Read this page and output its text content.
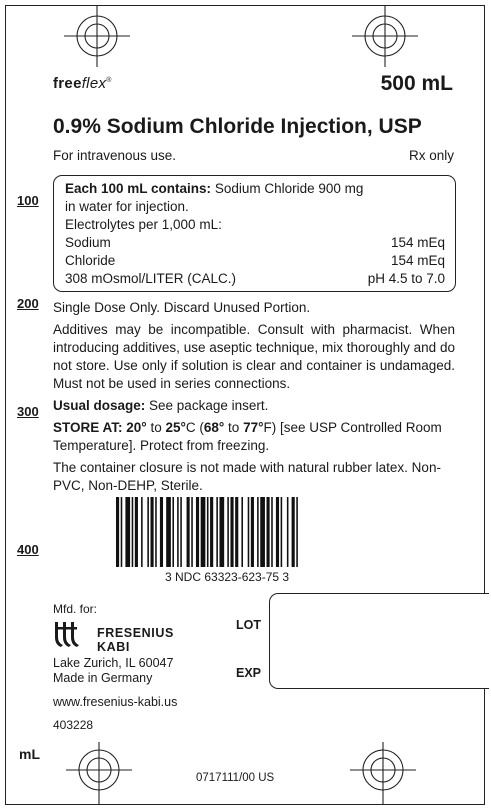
freeflex®	500 mL
0.9% Sodium Chloride Injection, USP
For intravenous use.	Rx only
100
200
300
400
mL
Each 100 mL contains: Sodium Chloride 900 mg
in water for injection.
Electrolytes per 1,000 mL:
Sodium	154 mEq
Chloride	154 mEq
308 mOsmol/LITER (CALC.)	pH 4.5 to 7.0
Single Dose Only. Discard Unused Portion.
Additives may be incompatible. Consult with pharmacist. When introducing additives, use aseptic technique, mix thoroughly and do not store. Use only if solution is clear and container is undamaged. Must not be used in series connections.
Usual dosage: See package insert.
STORE AT: 20° to 25°C (68° to 77°F) [see USP Controlled Room Temperature]. Protect from freezing.
The container closure is not made with natural rubber latex. Non-PVC, Non-DEHP, Sterile.
3 NDC 63323-623-75 3
Mfd. for:
FRESENIUS
KABI
Lake Zurich, IL 60047
Made in Germany
www.fresenius-kabi.us
403228
LOT
EXP
0717111/00 US
